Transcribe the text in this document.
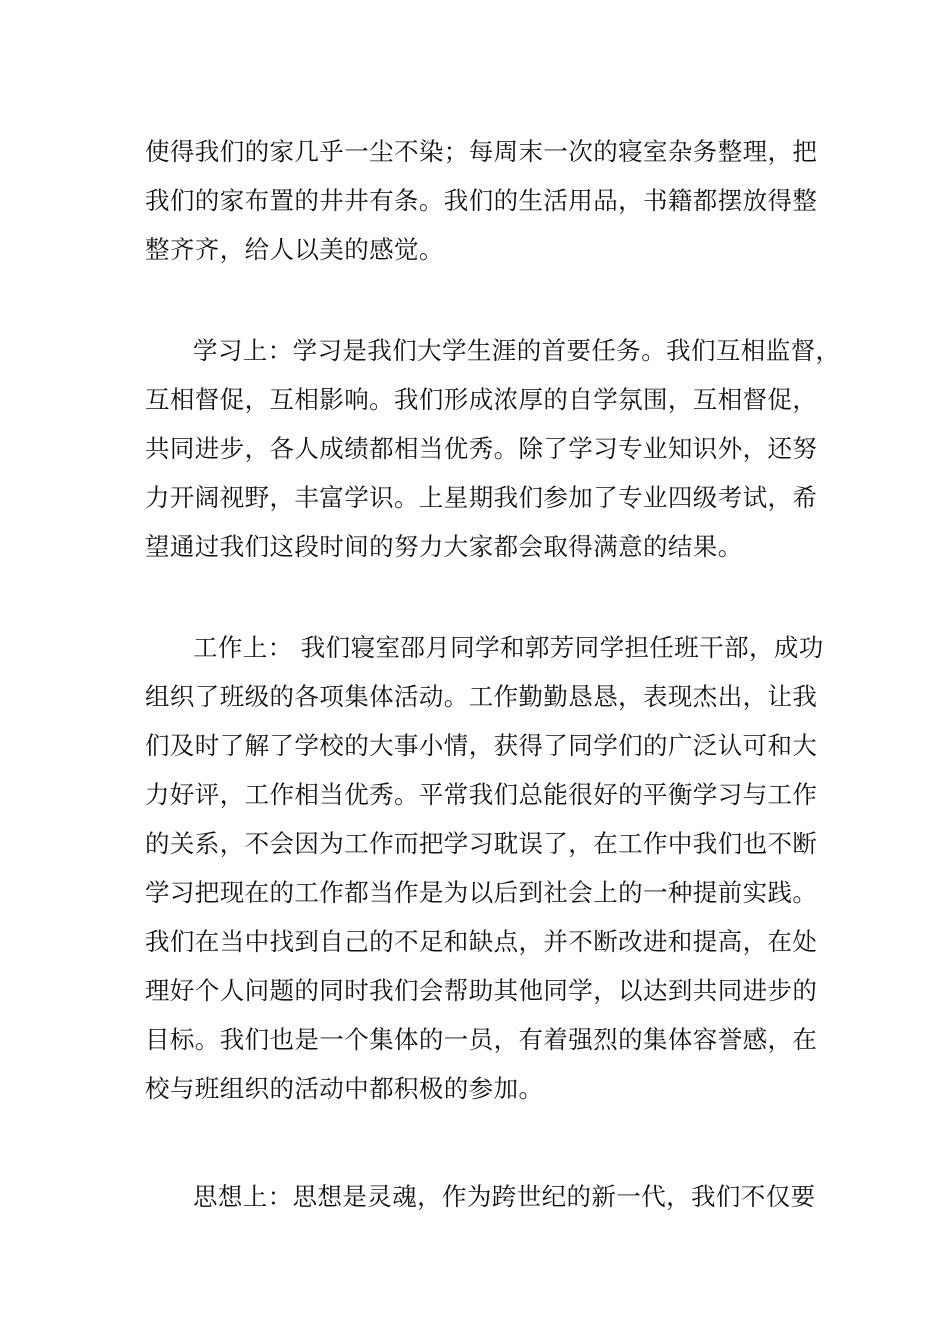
使得我们的家几乎一尘不染；每周末一次的寝室杂务整理，把
我们的家布置的井井有条。我们的生活用品，书籍都摆放得整
整齐齐，给人以美的感觉。
学习上：学习是我们大学生涯的首要任务。我们互相监督，
互相督促，互相影响。我们形成浓厚的自学氛围，互相督促，
共同进步，各人成绩都相当优秀。除了学习专业知识外，还努
力开阔视野，丰富学识。上星期我们参加了专业四级考试，希
望通过我们这段时间的努力大家都会取得满意的结果。
工作上： 我们寝室邵月同学和郭芳同学担任班干部，成功
组织了班级的各项集体活动。工作勤勤恳恳，表现杰出，让我
们及时了解了学校的大事小情，获得了同学们的广泛认可和大
力好评，工作相当优秀。平常我们总能很好的平衡学习与工作
的关系，不会因为工作而把学习耽误了，在工作中我们也不断
学习把现在的工作都当作是为以后到社会上的一种提前实践。
我们在当中找到自己的不足和缺点，并不断改进和提高，在处
理好个人问题的同时我们会帮助其他同学，以达到共同进步的
目标。我们也是一个集体的一员，有着强烈的集体容誉感，在
校与班组织的活动中都积极的参加。
思想上：思想是灵魂，作为跨世纪的新一代，我们不仅要
